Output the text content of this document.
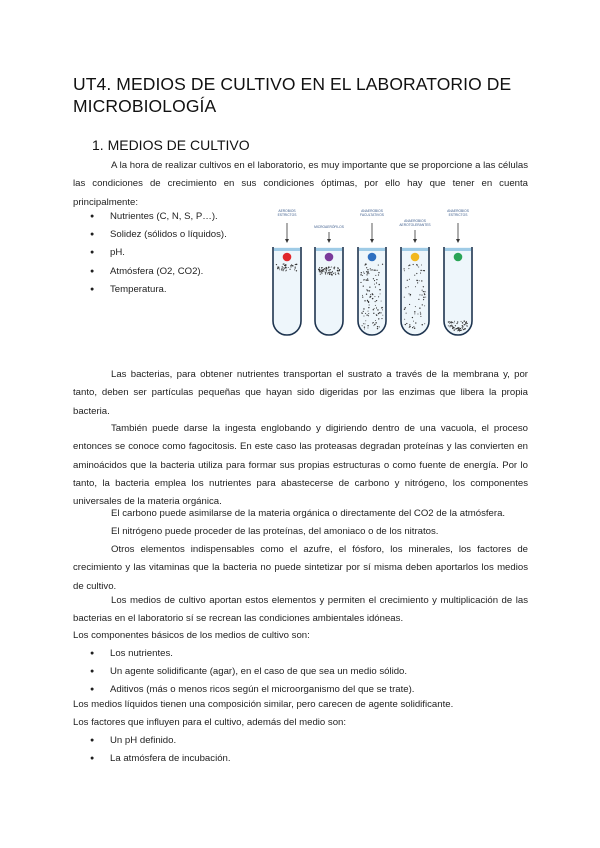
UT4. MEDIOS DE CULTIVO EN EL LABORATORIO DE MICROBIOLOGÍA
1. MEDIOS DE CULTIVO

A la hora de realizar cultivos en el laboratorio, es muy importante que se proporcione a las células las condiciones de crecimiento en sus condiciones óptimas, por ello hay que tener en cuenta principalmente:

● Nutrientes (C, N, S, P…).
● Solidez (sólidos o líquidos).
● pH.
● Atmósfera (O2, CO2).
● Temperatura.
AEROBIOS
ESTRICTOS
MICROAERÓFILOS
ANAEROBIOS
FACULTATIVOS
ANAEROBIOS
AEROTOLERANTES
ANAEROBIOS
ESTRICTOS

Las bacterias, para obtener nutrientes transportan el sustrato a través de la membrana y, por tanto, deben ser partículas pequeñas que hayan sido digeridas por las enzimas que libera la propia bacteria.

También puede darse la ingesta englobando y digiriendo dentro de una vacuola, el proceso entonces se conoce como fagocitosis. En este caso las proteasas degradan proteínas y las convierten en aminoácidos que la bacteria utiliza para formar sus propias estructuras o como fuente de energía. Por lo tanto, la bacteria emplea los nutrientes para abastecerse de carbono y nitrógeno, los componentes universales de la materia orgánica.

El carbono puede asimilarse de la materia orgánica o directamente del CO2 de la atmósfera.

El nitrógeno puede proceder de las proteínas, del amoniaco o de los nitratos.

Otros elementos indispensables como el azufre, el fósforo, los minerales, los factores de crecimiento y las vitaminas que la bacteria no puede sintetizar por sí misma deben aportarlos los medios de cultivo.

Los medios de cultivo aportan estos elementos y permiten el crecimiento y multiplicación de las bacterias en el laboratorio sí se recrean las condiciones ambientales idóneas.

Los componentes básicos de los medios de cultivo son:

● Los nutrientes.
● Un agente solidificante (agar), en el caso de que sea un medio sólido.
● Aditivos (más o menos ricos según el microorganismo del que se trate).

Los medios líquidos tienen una composición similar, pero carecen de agente solidificante.

Los factores que influyen para el cultivo, además del medio son:

● Un pH definido.
● La atmósfera de incubación.
